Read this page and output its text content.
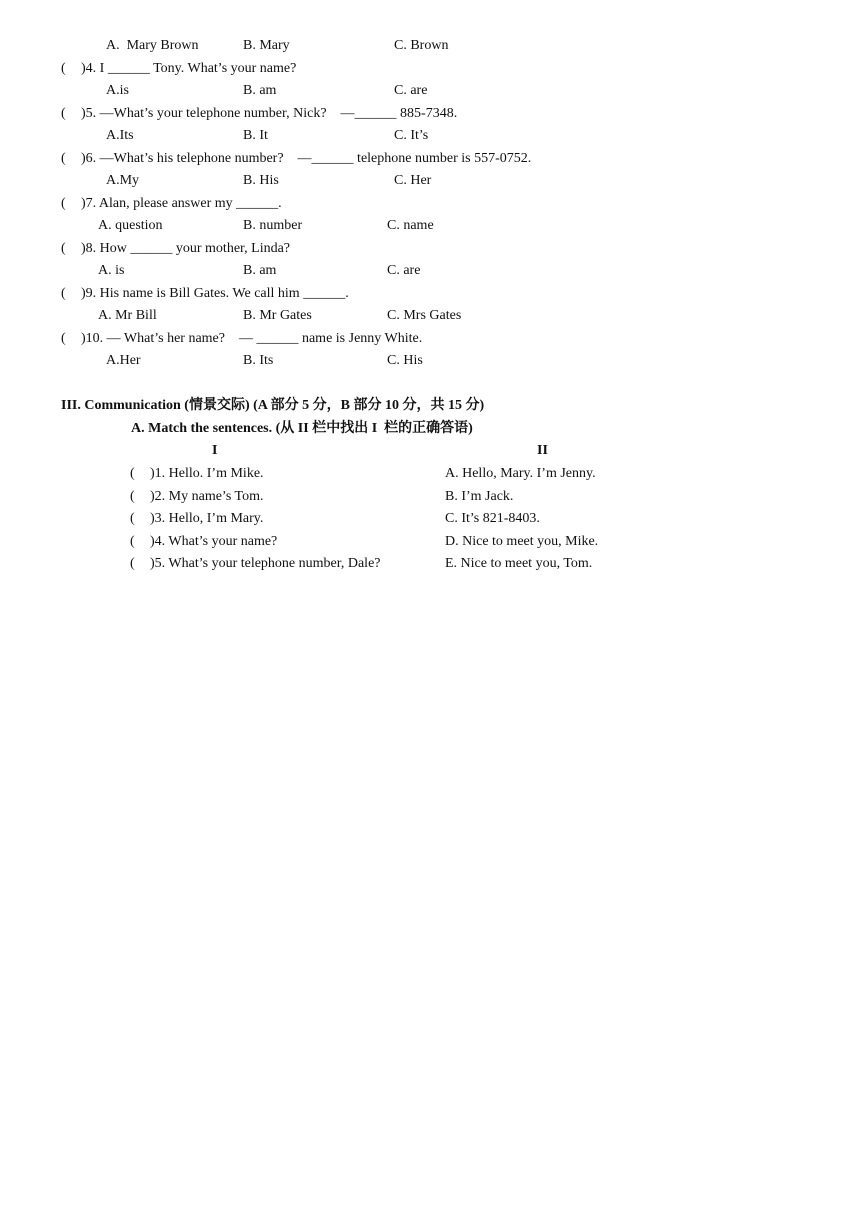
A.  Mary Brown	B. Mary	C. Brown
( )4. I ______ Tony. What’s your name?
A.is	B. am	C. are
( )5. —What’s your telephone number, Nick?    —______ 885-7348.
A.Its	B. It	C. It’s
( )6. —What’s his telephone number?    —______ telephone number is 557-0752.
A.My	B. His	C. Her
( )7. Alan, please answer my ______.
A. question	B. number	C. name
( )8. How ______ your mother, Linda?
A. is	B. am	C. are
( )9. His name is Bill Gates. We call him ______.
A. Mr Bill	B. Mr Gates	C. Mrs Gates
( )10. — What’s her name?    — ______ name is Jenny White.
A.Her	B. Its	C. His
III. Communication (情景交际) (A 部分 5 分，B 部分 10 分，共 15 分)
A. Match the sentences. (从 II 栏中找出 I  栏的正确答语)
I	II
( )1. Hello. I’m Mike.	A. Hello, Mary. I’m Jenny.
( )2. My name’s Tom.	B. I’m Jack.
( )3. Hello, I’m Mary.	C. It’s 821-8403.
( )4. What’s your name?	D. Nice to meet you, Mike.
( )5. What’s your telephone number, Dale?	E. Nice to meet you, Tom.
